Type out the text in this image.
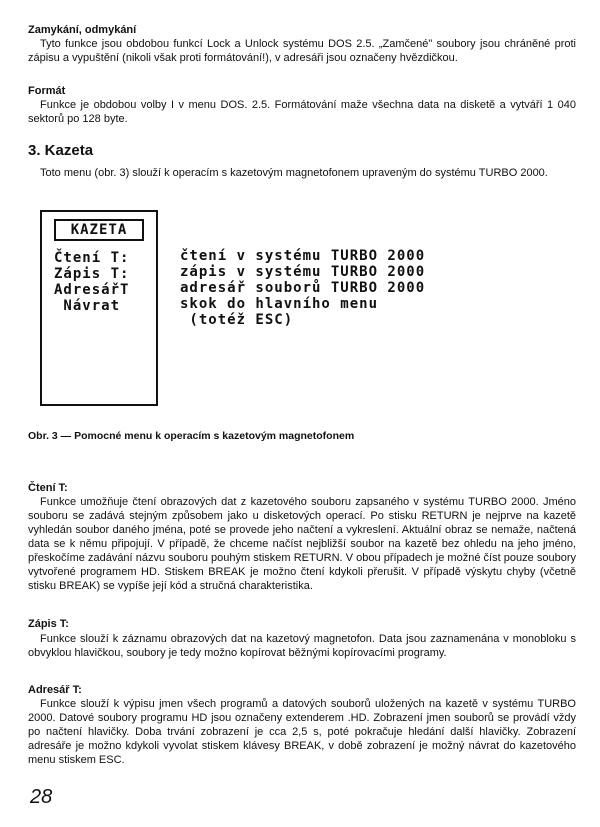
Zamykání, odmykání

Tyto funkce jsou obdobou funkcí Lock a Unlock systému DOS 2.5. „Zamčené" soubory jsou chráněné proti zápisu a vypuštění (nikoli však proti formátování!), v adresáři jsou označeny hvězdičkou.

Formát

Funkce je obdobou volby I v menu DOS. 2.5. Formátování maže všechna data na disketě a vytváří 1 040 sektorů po 128 byte.

3. Kazeta

Toto menu (obr. 3) slouží k operacím s kazetovým magnetofonem upraveným do systému TURBO 2000.

KAZETA
Čtení T:
Zápis T:
AdresářT
Návrat
čtení v systému TURBO 2000
zápis v systému TURBO 2000
adresář souborů TURBO 2000
skok do hlavního menu
(totéž ESC)

Obr. 3 — Pomocné menu k operacím s kazetovým magnetofonem

Čtení T:

Funkce umožňuje čtení obrazových dat z kazetového souboru zapsaného v systému TURBO 2000. Jméno souboru se zadává stejným způsobem jako u disketových operací. Po stisku RETURN je nejprve na kazetě vyhledán soubor daného jména, poté se provede jeho načtení a vykreslení. Aktuální obraz se nemaže, načtená data se k němu připojují. V případě, že chceme načíst nejbližší soubor na kazetě bez ohledu na jeho jméno, přeskočíme zadávání názvu souboru pouhým stiskem RETURN. V obou případech je možné číst pouze soubory vytvořené programem HD. Stiskem BREAK je možno čtení kdykoli přerušit. V případě výskytu chyby (včetně stisku BREAK) se vypíše její kód a stručná charakteristika.

Zápis T:

Funkce slouží k záznamu obrazových dat na kazetový magnetofon. Data jsou zaznamenána v monobloku s obvyklou hlavičkou, soubory je tedy možno kopírovat běžnými kopírovacími programy.

Adresář T:

Funkce slouží k výpisu jmen všech programů a datových souborů uložených na kazetě v systému TURBO 2000. Datové soubory programu HD jsou označeny extenderem .HD. Zobrazení jmen souborů se provádí vždy po načtení hlavičky. Doba trvání zobrazení je cca 2,5 s, poté pokračuje hledání další hlavičky. Zobrazení adresáře je možno kdykoli vyvolat stiskem klávesy BREAK, v době zobrazení je možný návrat do kazetového menu stiskem ESC.

28
